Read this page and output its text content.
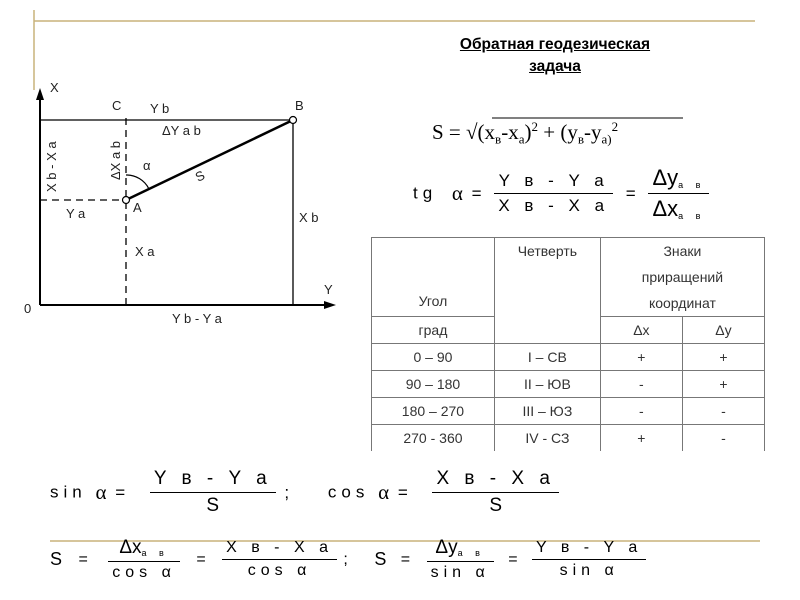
Обратная геодезическая
задача
X
Y
0
C	B
A
S
α
Y b
ΔY a b
ΔX a b
X b - X a
Y a
X a
X b
Y b - Y a
$S = √(x_в-x_а)^2 + (y_в-y_{а)}^2$
tg $\alpha = \frac{\text{Y в - Y а}}{\text{X в - X а}} = \frac{\Delta y_{а в}}{\Delta x_{а в}}$
Угол	Четверть	Знаки
приращений
координат	

град		Δx	Δy
0 – 90	I – СВ	+	+
90 – 180	II – ЮВ	-	+
180 – 270	III – ЮЗ	-	-
270 - 360	IV - СЗ	+	-
$\sin \alpha = \frac{\text{Y в - Y а}}{S}$ ; $\cos \alpha = \frac{\text{X в - X а}}{S}$
$S = \frac{\Delta x_{а в}}{\text{cos α}} = \frac{\text{X в - X а}}{\text{cos α}}$ ; $S = \frac{\Delta y_{а в}}{\text{sin α}} = \frac{\text{Y в - Y а}}{\text{sin α}}$
